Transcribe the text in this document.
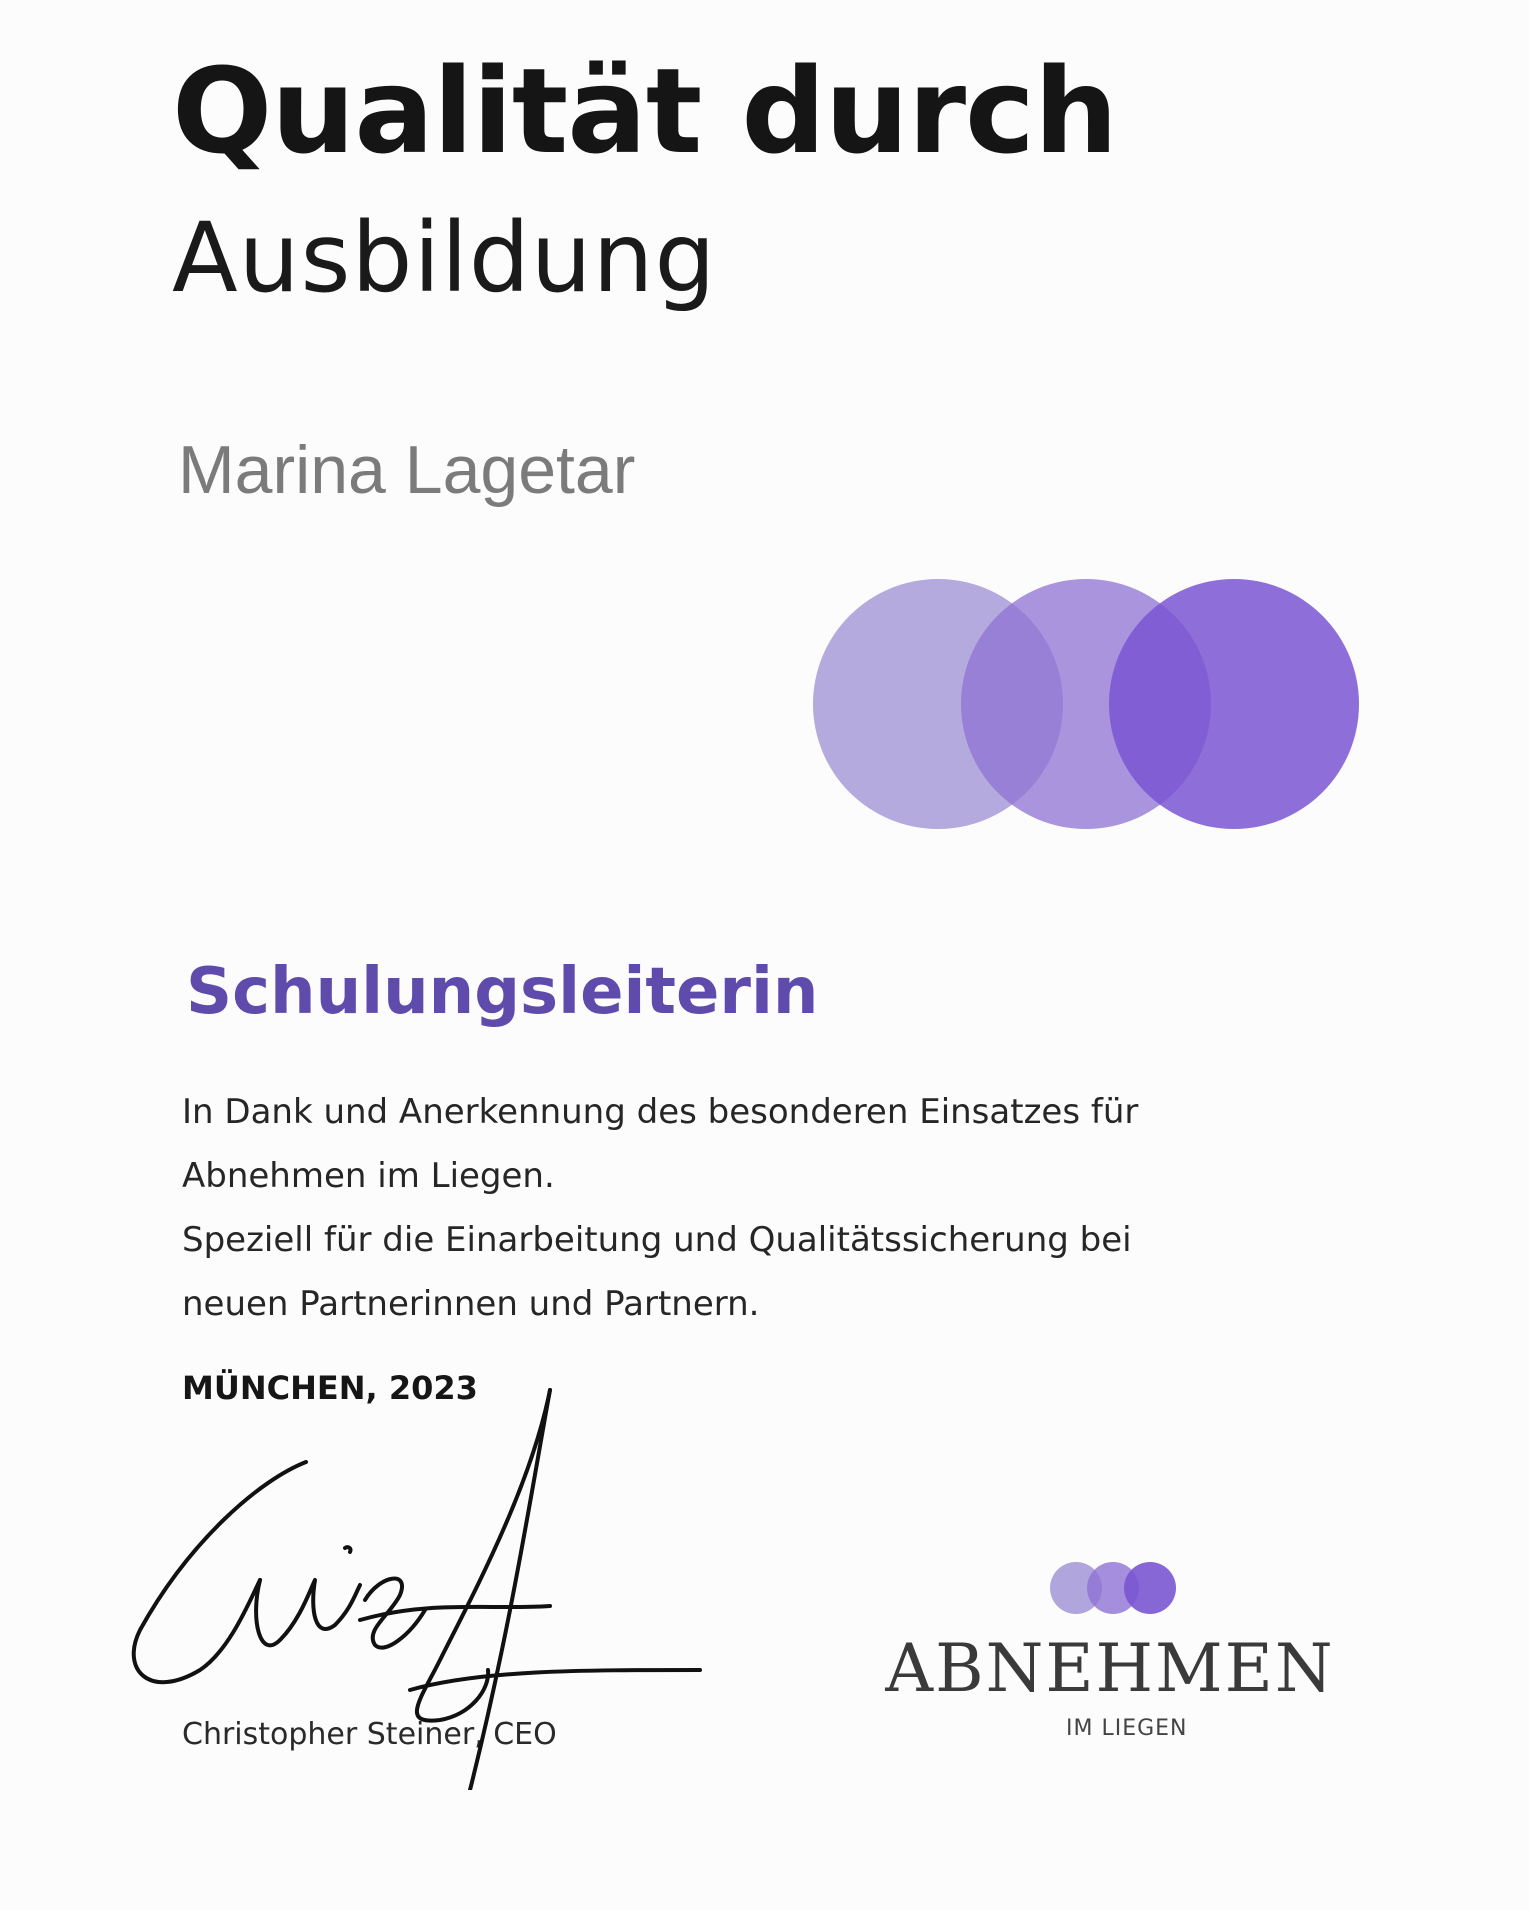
Qualität durch
Ausbildung
Marina Lagetar
Schulungsleiterin

In Dank und Anerkennung des besonderen Einsatzes für

Abnehmen im Liegen.

Speziell für die Einarbeitung und Qualitätssicherung bei

neuen Partnerinnen und Partnern.

MÜNCHEN, 2023
Christopher Steiner, CEO
ABNEHMEN
IM LIEGEN
